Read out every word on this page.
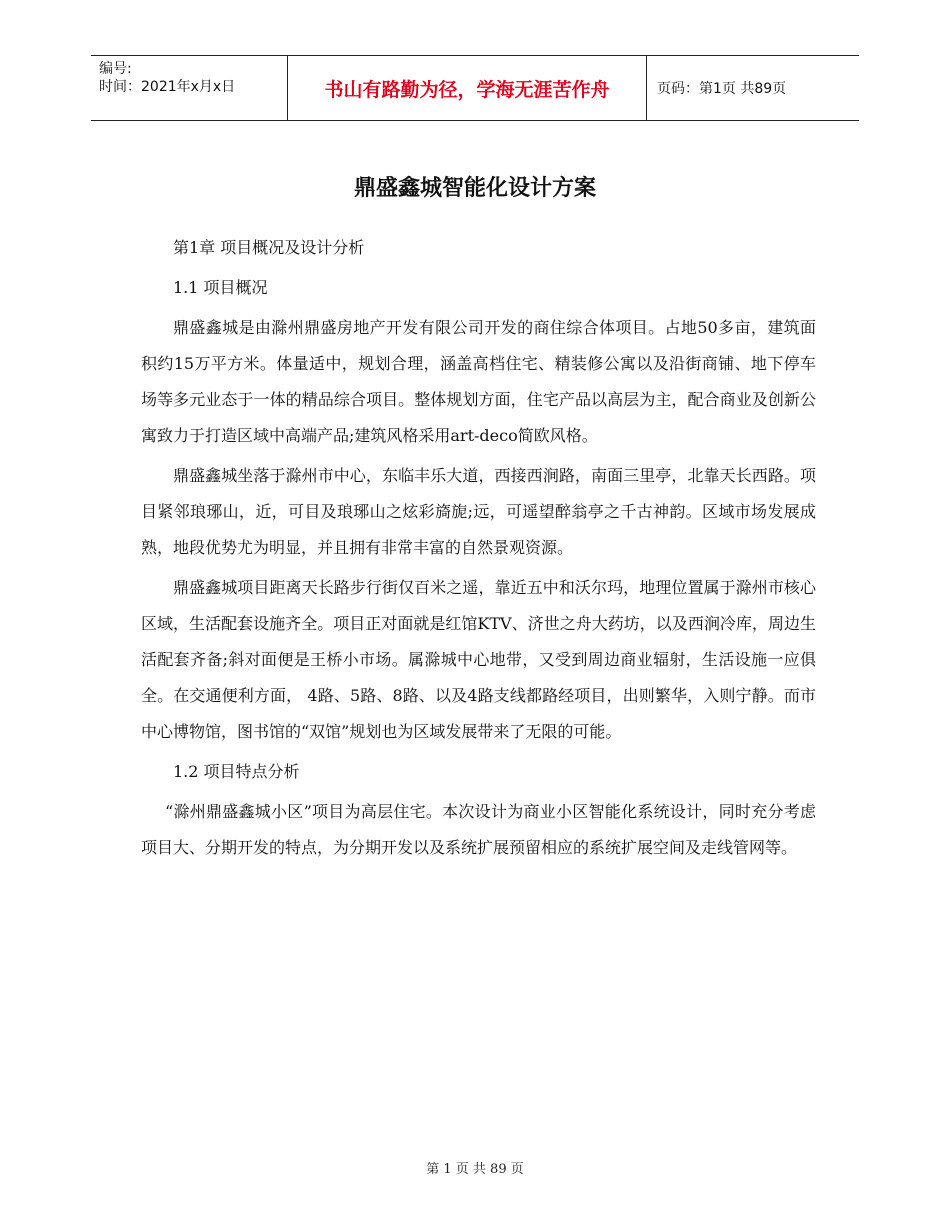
编号:
时间：2021年x月x日	书山有路勤为径，学海无涯苦作舟	页码：第1页 共89页
鼎盛鑫城智能化设计方案

第1章 项目概况及设计分析

1.1 项目概况

鼎盛鑫城是由滁州鼎盛房地产开发有限公司开发的商住综合体项目。占地50多亩，建筑面积约15万平方米。体量适中，规划合理，涵盖高档住宅、精装修公寓以及沿街商铺、地下停车场等多元业态于一体的精品综合项目。整体规划方面，住宅产品以高层为主，配合商业及创新公寓致力于打造区域中高端产品;建筑风格采用art-deco简欧风格。

鼎盛鑫城坐落于滁州市中心，东临丰乐大道，西接西涧路，南面三里亭，北靠天长西路。项目紧邻琅琊山，近，可目及琅琊山之炫彩旖旎;远，可遥望醉翁亭之千古神韵。区域市场发展成熟，地段优势尤为明显，并且拥有非常丰富的自然景观资源。

鼎盛鑫城项目距离天长路步行街仅百米之遥，靠近五中和沃尔玛，地理位置属于滁州市核心区域，生活配套设施齐全。项目正对面就是红馆KTV、济世之舟大药坊，以及西涧冷库，周边生活配套齐备;斜对面便是王桥小市场。属滁城中心地带，又受到周边商业辐射，生活设施一应俱全。在交通便利方面， 4路、5路、8路、以及4路支线都路经项目，出则繁华，入则宁静。而市中心博物馆，图书馆的“双馆”规划也为区域发展带来了无限的可能。

1.2 项目特点分析

“滁州鼎盛鑫城小区”项目为高层住宅。本次设计为商业小区智能化系统设计，同时充分考虑项目大、分期开发的特点，为分期开发以及系统扩展预留相应的系统扩展空间及走线管网等。

第 1 页 共 89 页
